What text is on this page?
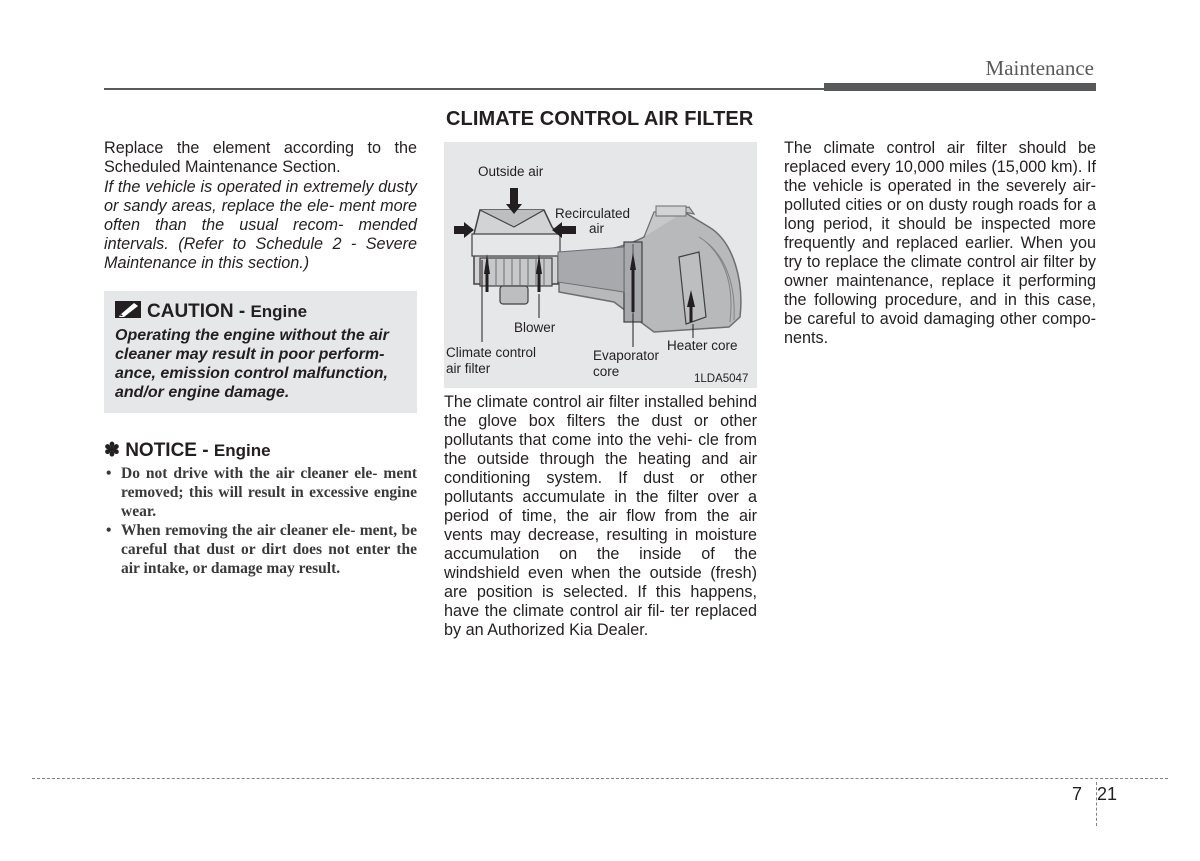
Maintenance
CLIMATE CONTROL AIR FILTER

Replace the element according to the Scheduled Maintenance Section.

If the vehicle is operated in extremely dusty or sandy areas, replace the ele- ment more often than the usual recom- mended intervals. (Refer to Schedule 2 - Severe Maintenance in this section.)

CAUTION - Engine
Operating the engine without the air cleaner may result in poor perform- ance, emission control malfunction, and/or engine damage.
✽ NOTICE - Engine
• Do not drive with the air cleaner ele- ment removed; this will result in excessive engine wear.
• When removing the air cleaner ele- ment, be careful that dust or dirt does not enter the air intake, or damage may result.
Outside air
Recirculated
air
Blower
Climate control
air filter
Evaporator
core
Heater core
1LDA5047
The climate control air filter installed behind the glove box filters the dust or other pollutants that come into the vehi- cle from the outside through the heating and air conditioning system. If dust or other pollutants accumulate in the filter over a period of time, the air flow from the air vents may decrease, resulting in moisture accumulation on the inside of the windshield even when the outside (fresh) are position is selected. If this happens, have the climate control air fil- ter replaced by an Authorized Kia Dealer.
The climate control air filter should be replaced every 10,000 miles (15,000 km). If the vehicle is operated in the severely air-polluted cities or on dusty rough roads for a long period, it should be inspected more frequently and replaced earlier. When you try to replace the climate control air filter by owner maintenance, replace it performing the following procedure, and in this case, be careful to avoid damaging other compo- nents.
7 21
